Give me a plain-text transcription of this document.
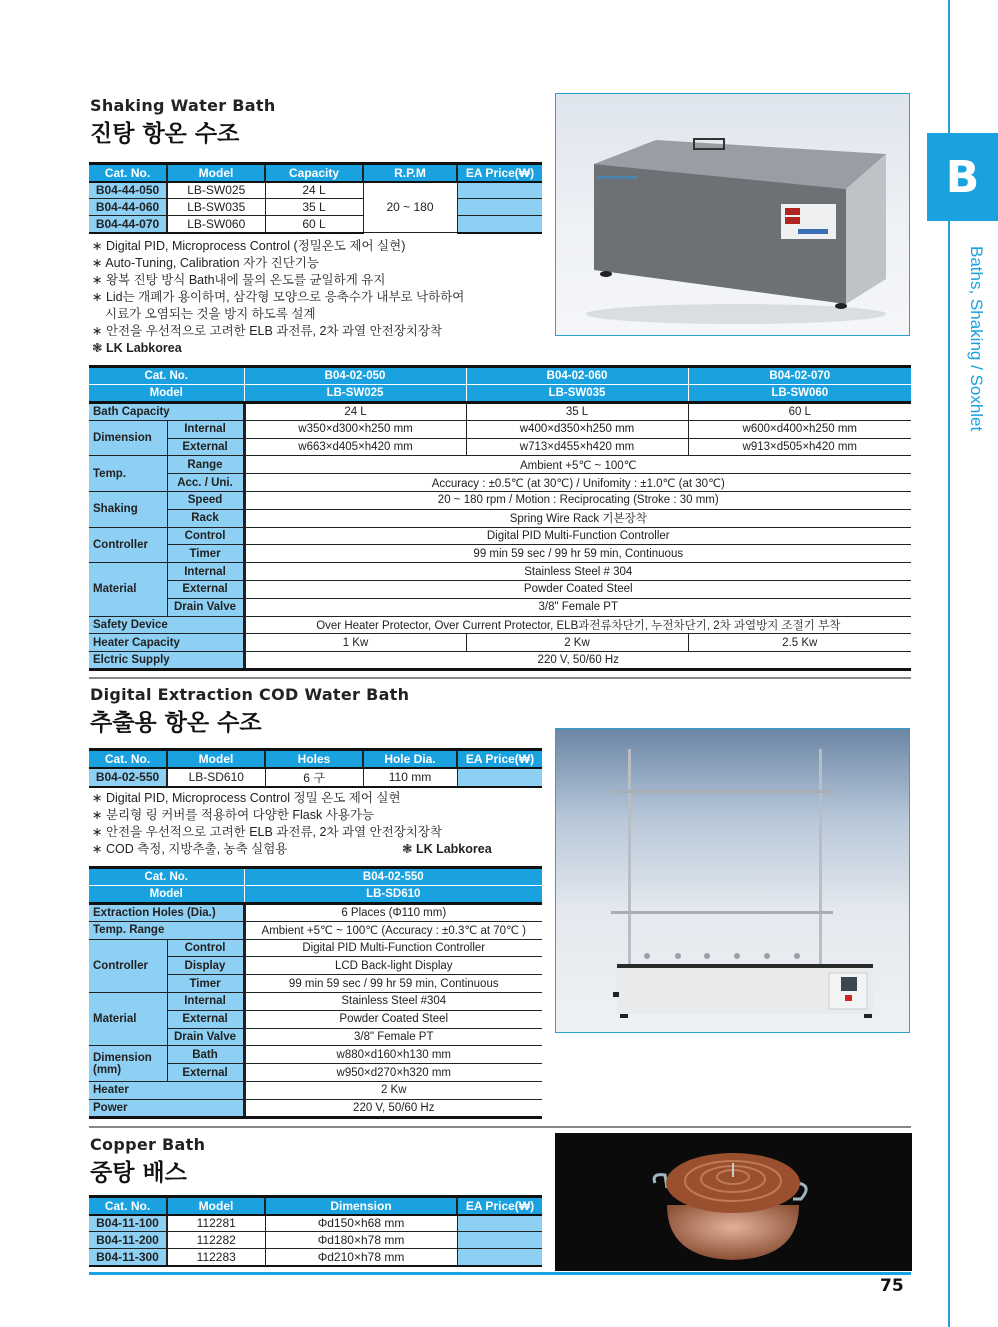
B
Baths, Shaking / Soxhlet
Shaking Water Bath
진탕 항온 수조
Cat. No.	Model	Capacity	R.P.M	EA Price(₩)
B04-44-050	LB-SW025	24 L	20 ~ 180	
B04-44-060	LB-SW035	35 L		
B04-44-070	LB-SW060	60 L		
∗ Digital PID, Microprocess Control (정밀온도 제어 실현)
∗ Auto-Tuning, Calibration 자가 진단기능
∗ 왕복 진탕 방식 Bath내에 물의 온도를 균일하게 유지
∗ Lid는 개폐가 용이하며, 삼각형 모양으로 응축수가 내부로 낙하하여
시료가 오염되는 것을 방지 하도록 설계
∗ 안전을 우선적으로 고려한 ELB 과전류, 2차 과열 안전장치장착
❃ LK Labkorea
Cat. No.		B04-02-050	B04-02-060	B04-02-070
Model		LB-SW025	LB-SW035	LB-SW060
Bath Capacity		24 L	35 L	60 L
Dimension	Internal	w350×d300×h250 mm	w400×d350×h250 mm	w600×d400×h250 mm
	External	w663×d405×h420 mm	w713×d455×h420 mm	w913×d505×h420 mm
Temp.	Range	Ambient +5℃ ~ 100℃		
	Acc. / Uni.	Accuracy : ±0.5℃ (at 30℃) / Unifomity : ±1.0℃ (at 30℃)		
Shaking	Speed	20 ~ 180 rpm / Motion : Reciprocating (Stroke : 30 mm)		
	Rack	Spring Wire Rack 기본장착		
Controller	Control	Digital PID Multi-Function Controller		
	Timer	99 min 59 sec / 99 hr 59 min, Continuous		
Material	Internal	Stainless Steel # 304		
	External	Powder Coated Steel		
	Drain Valve	3/8" Female PT		
Safety Device		Over Heater Protector, Over Current Protector, ELB과전류차단기, 누전차단기, 2차 과열방지 조절기 부착		
Heater Capacity		1 Kw	2 Kw	2.5 Kw
Elctric Supply		220 V, 50/60 Hz		
Digital Extraction COD Water Bath
추출용 항온 수조
Cat. No.	Model	Holes	Hole Dia.	EA Price(₩)
B04-02-550	LB-SD610	6 구	110 mm	
∗ Digital PID, Microprocess Control 정밀 온도 제어 실현
∗ 분리형 링 커버를 적용하여 다양한 Flask 사용가능
∗ 안전을 우선적으로 고려한 ELB 과전류, 2차 과열 안전장치장착
∗ COD 측정, 지방추출, 농축 실험용	❃ LK Labkorea
Cat. No.		B04-02-550
Model		LB-SD610
Extraction Holes (Dia.)		6 Places (Φ110 mm)
Temp. Range		Ambient +5℃ ~ 100℃ (Accuracy : ±0.3℃ at 70℃ )
Controller	Control	Digital PID Multi-Function Controller
	Display	LCD Back-light Display
	Timer	99 min 59 sec / 99 hr 59 min, Continuous
Material	Internal	Stainless Steel #304
	External	Powder Coated Steel
	Drain Valve	3/8" Female PT
Dimension (mm)	Bath	w880×d160×h130 mm
	External	w950×d270×h320 mm
Heater		2 Kw
Power		220 V, 50/60 Hz
Copper Bath
중탕 배스
Cat. No.	Model	Dimension	EA Price(₩)
B04-11-100	112281	Φd150×h68 mm	
B04-11-200	112282	Φd180×h78 mm	
B04-11-300	112283	Φd210×h78 mm	
75
